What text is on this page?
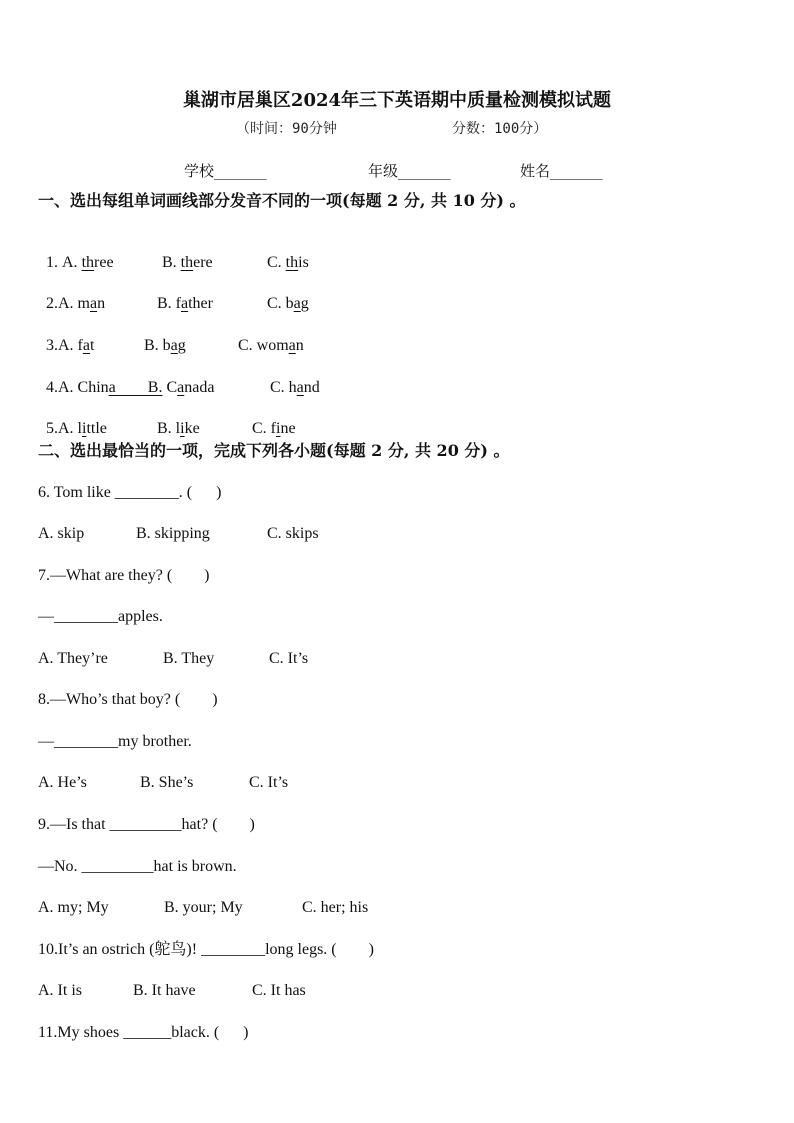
巢湖市居巢区2024年三下英语期中质量检测模拟试题
（时间：90分钟	分数：100分）
学校_______	年级_______	姓名_______
一、选出每组单词画线部分发音不同的一项(每题 2 分, 共 10 分) 。

1. A. three	B. there	C. this

2.A. man	B. father	C. bag

3.A. fat	B. bag	C. woman

4.A. China        B. Canada	C. hand

5.A. little	B. like	C. fine

二、选出最恰当的一项，完成下列各小题(每题 2 分, 共 20 分) 。
6. Tom like ________. (      )
A. skip	B. skipping	C. skips
7.—What are they? (        )
—________apples.
A. They’re	B. They	C. It’s
8.—Who’s that boy? (        )
—________my brother.
A. He’s	B. She’s	C. It’s
9.—Is that _________hat? (        )
—No. _________hat is brown.
A. my; My	B. your; My	C. her; his
10.It’s an ostrich (鸵鸟)! ________long legs. (        )
A. It is	B. It have	C. It has
11.My shoes ______black. (      )
